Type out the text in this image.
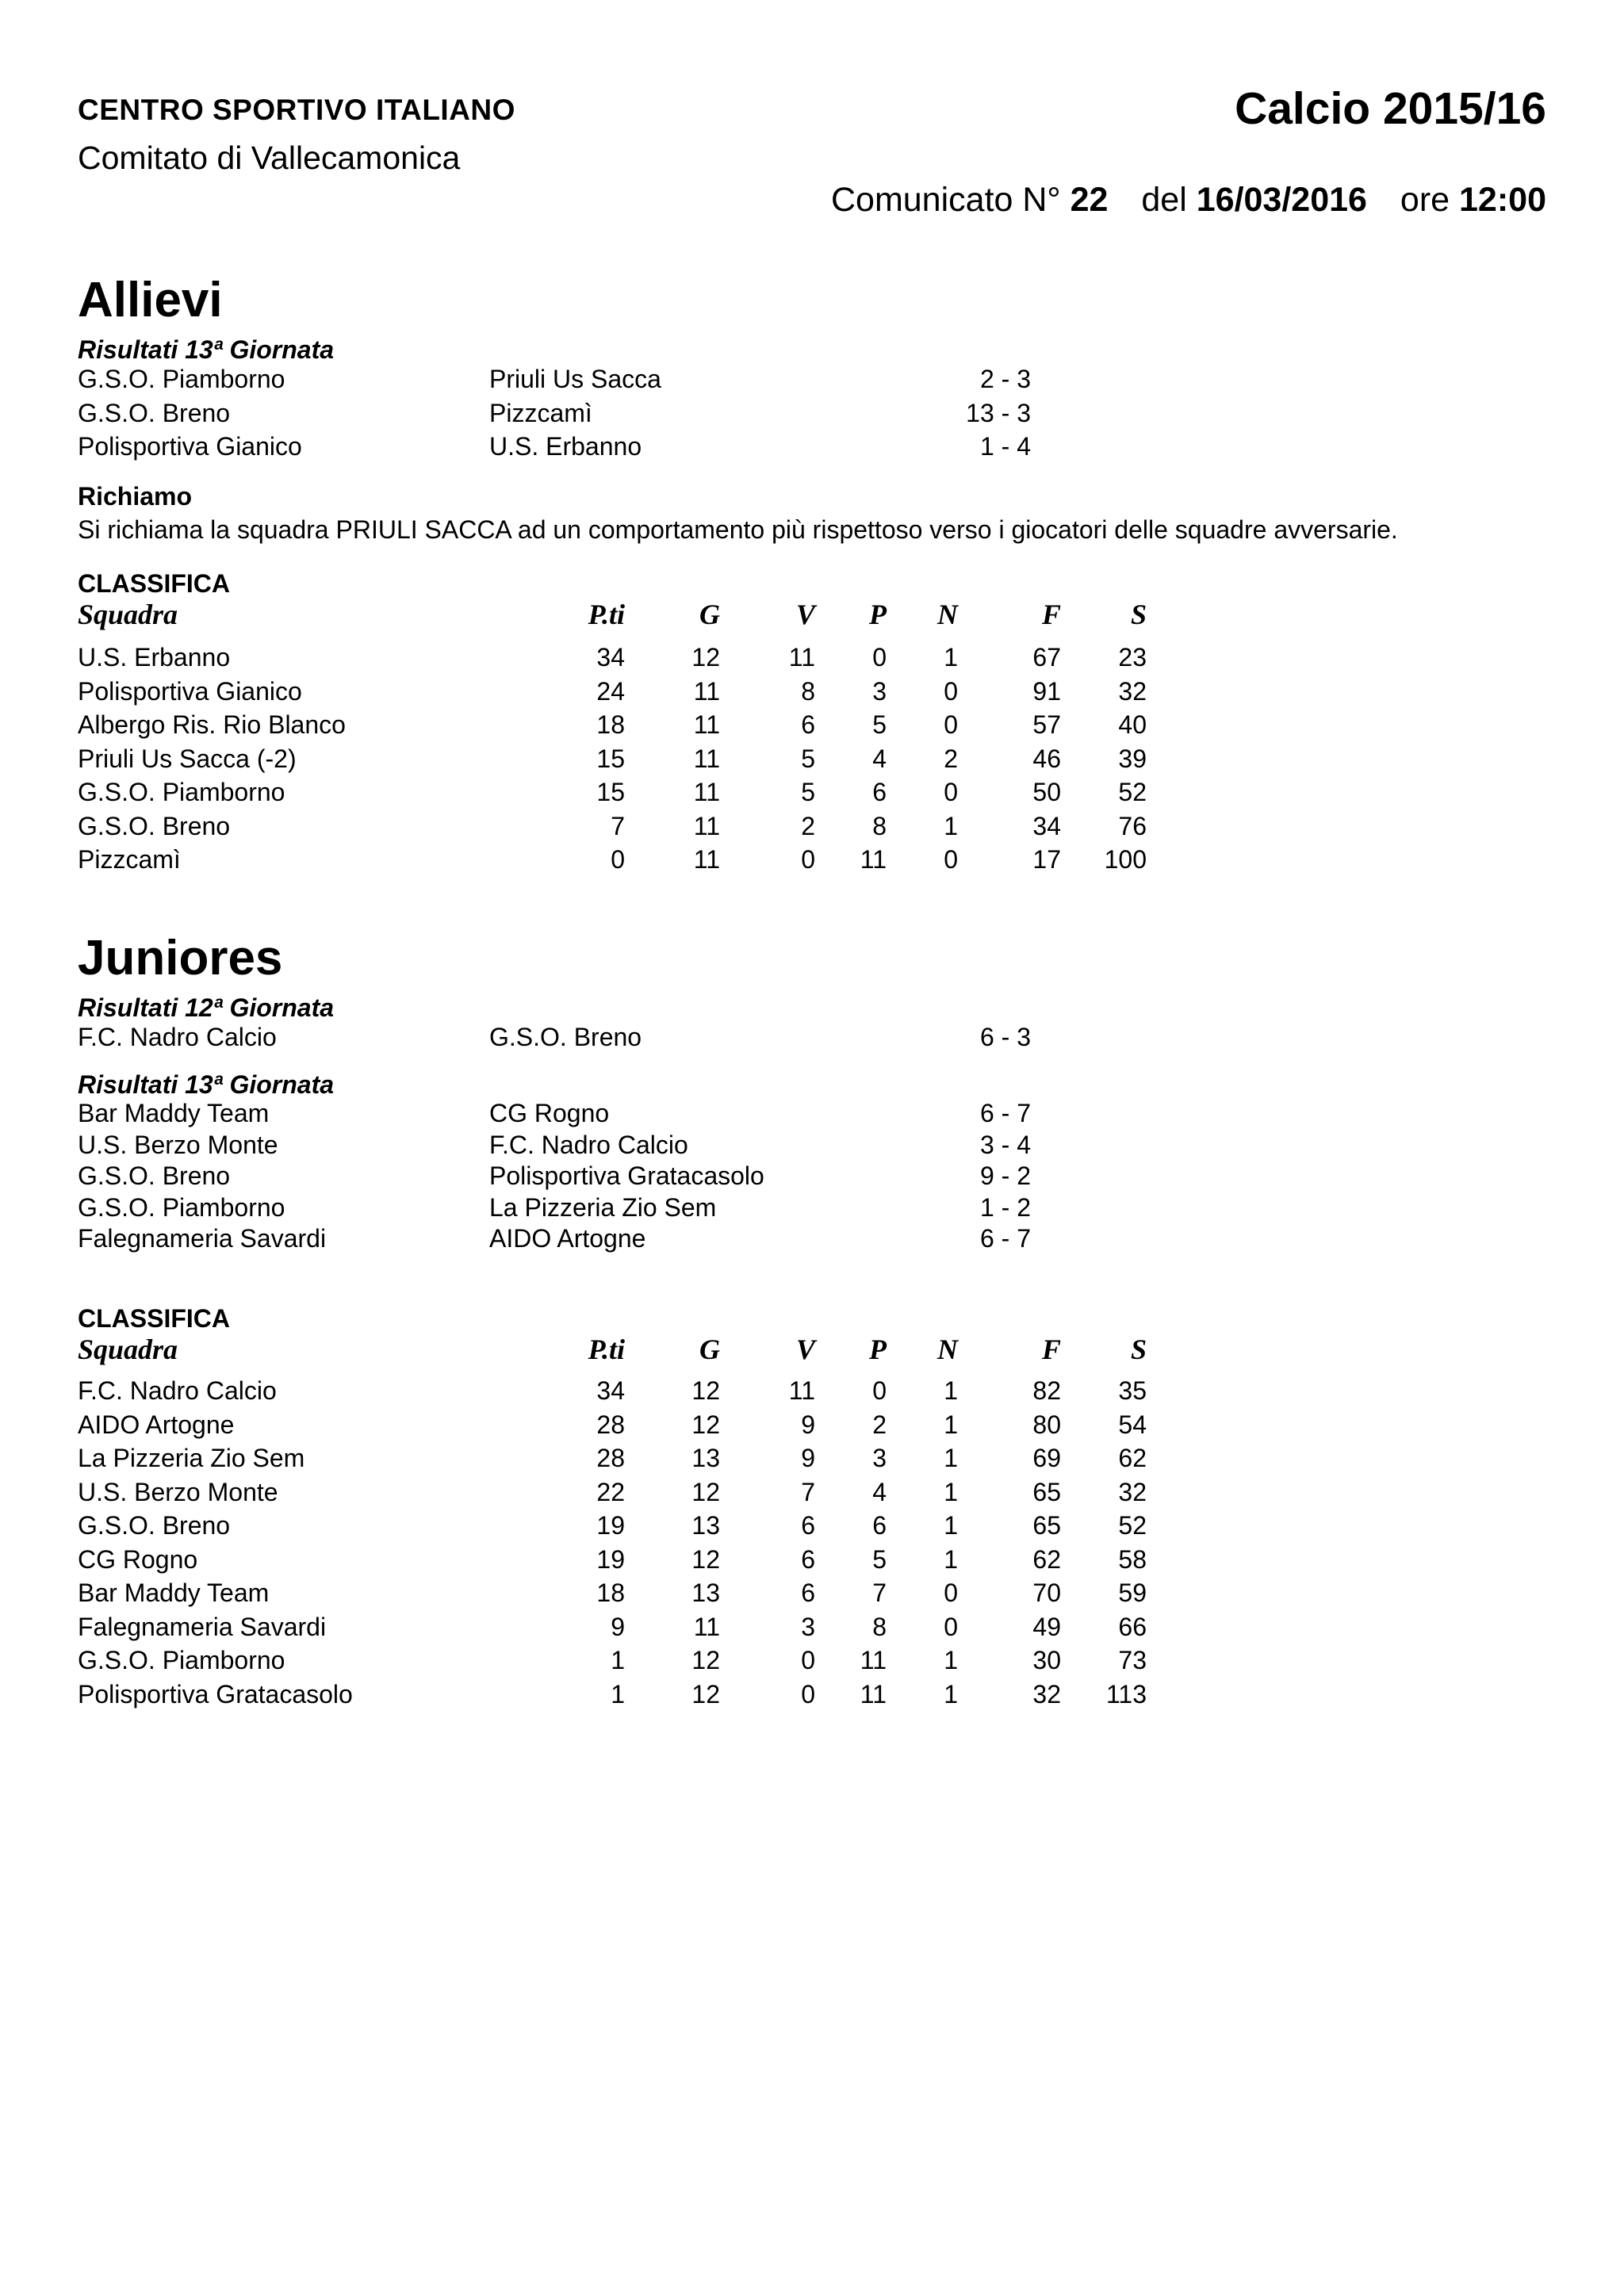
CENTRO SPORTIVO ITALIANO
Comitato di Vallecamonica
Calcio 2015/16
Comunicato N° 22 del 16/03/2016 ore 12:00
Allievi
Risultati 13ª Giornata
G.S.O. Piamborno	Priuli Us Sacca	2 - 3
G.S.O. Breno	Pizzcamì	13 - 3
Polisportiva Gianico	U.S. Erbanno	1 - 4
Richiamo
Si richiama la squadra PRIULI SACCA ad un comportamento più rispettoso verso i giocatori delle squadre avversarie.
CLASSIFICA
Squadra	P.ti	G	V	P	N	F	S
U.S. Erbanno	34	12	11	0	1	67	23
Polisportiva Gianico	24	11	8	3	0	91	32
Albergo Ris. Rio Blanco	18	11	6	5	0	57	40
Priuli Us Sacca (-2)	15	11	5	4	2	46	39
G.S.O. Piamborno	15	11	5	6	0	50	52
G.S.O. Breno	7	11	2	8	1	34	76
Pizzcamì	0	11	0	11	0	17	100
Juniores
Risultati 12ª Giornata
F.C. Nadro Calcio	G.S.O. Breno	6 - 3
Risultati 13ª Giornata
Bar Maddy Team	CG Rogno	6 - 7
U.S. Berzo Monte	F.C. Nadro Calcio	3 - 4
G.S.O. Breno	Polisportiva Gratacasolo	9 - 2
G.S.O. Piamborno	La Pizzeria Zio Sem	1 - 2
Falegnameria Savardi	AIDO Artogne	6 - 7
CLASSIFICA
Squadra	P.ti	G	V	P	N	F	S
F.C. Nadro Calcio	34	12	11	0	1	82	35
AIDO Artogne	28	12	9	2	1	80	54
La Pizzeria Zio Sem	28	13	9	3	1	69	62
U.S. Berzo Monte	22	12	7	4	1	65	32
G.S.O. Breno	19	13	6	6	1	65	52
CG Rogno	19	12	6	5	1	62	58
Bar Maddy Team	18	13	6	7	0	70	59
Falegnameria Savardi	9	11	3	8	0	49	66
G.S.O. Piamborno	1	12	0	11	1	30	73
Polisportiva Gratacasolo	1	12	0	11	1	32	113
